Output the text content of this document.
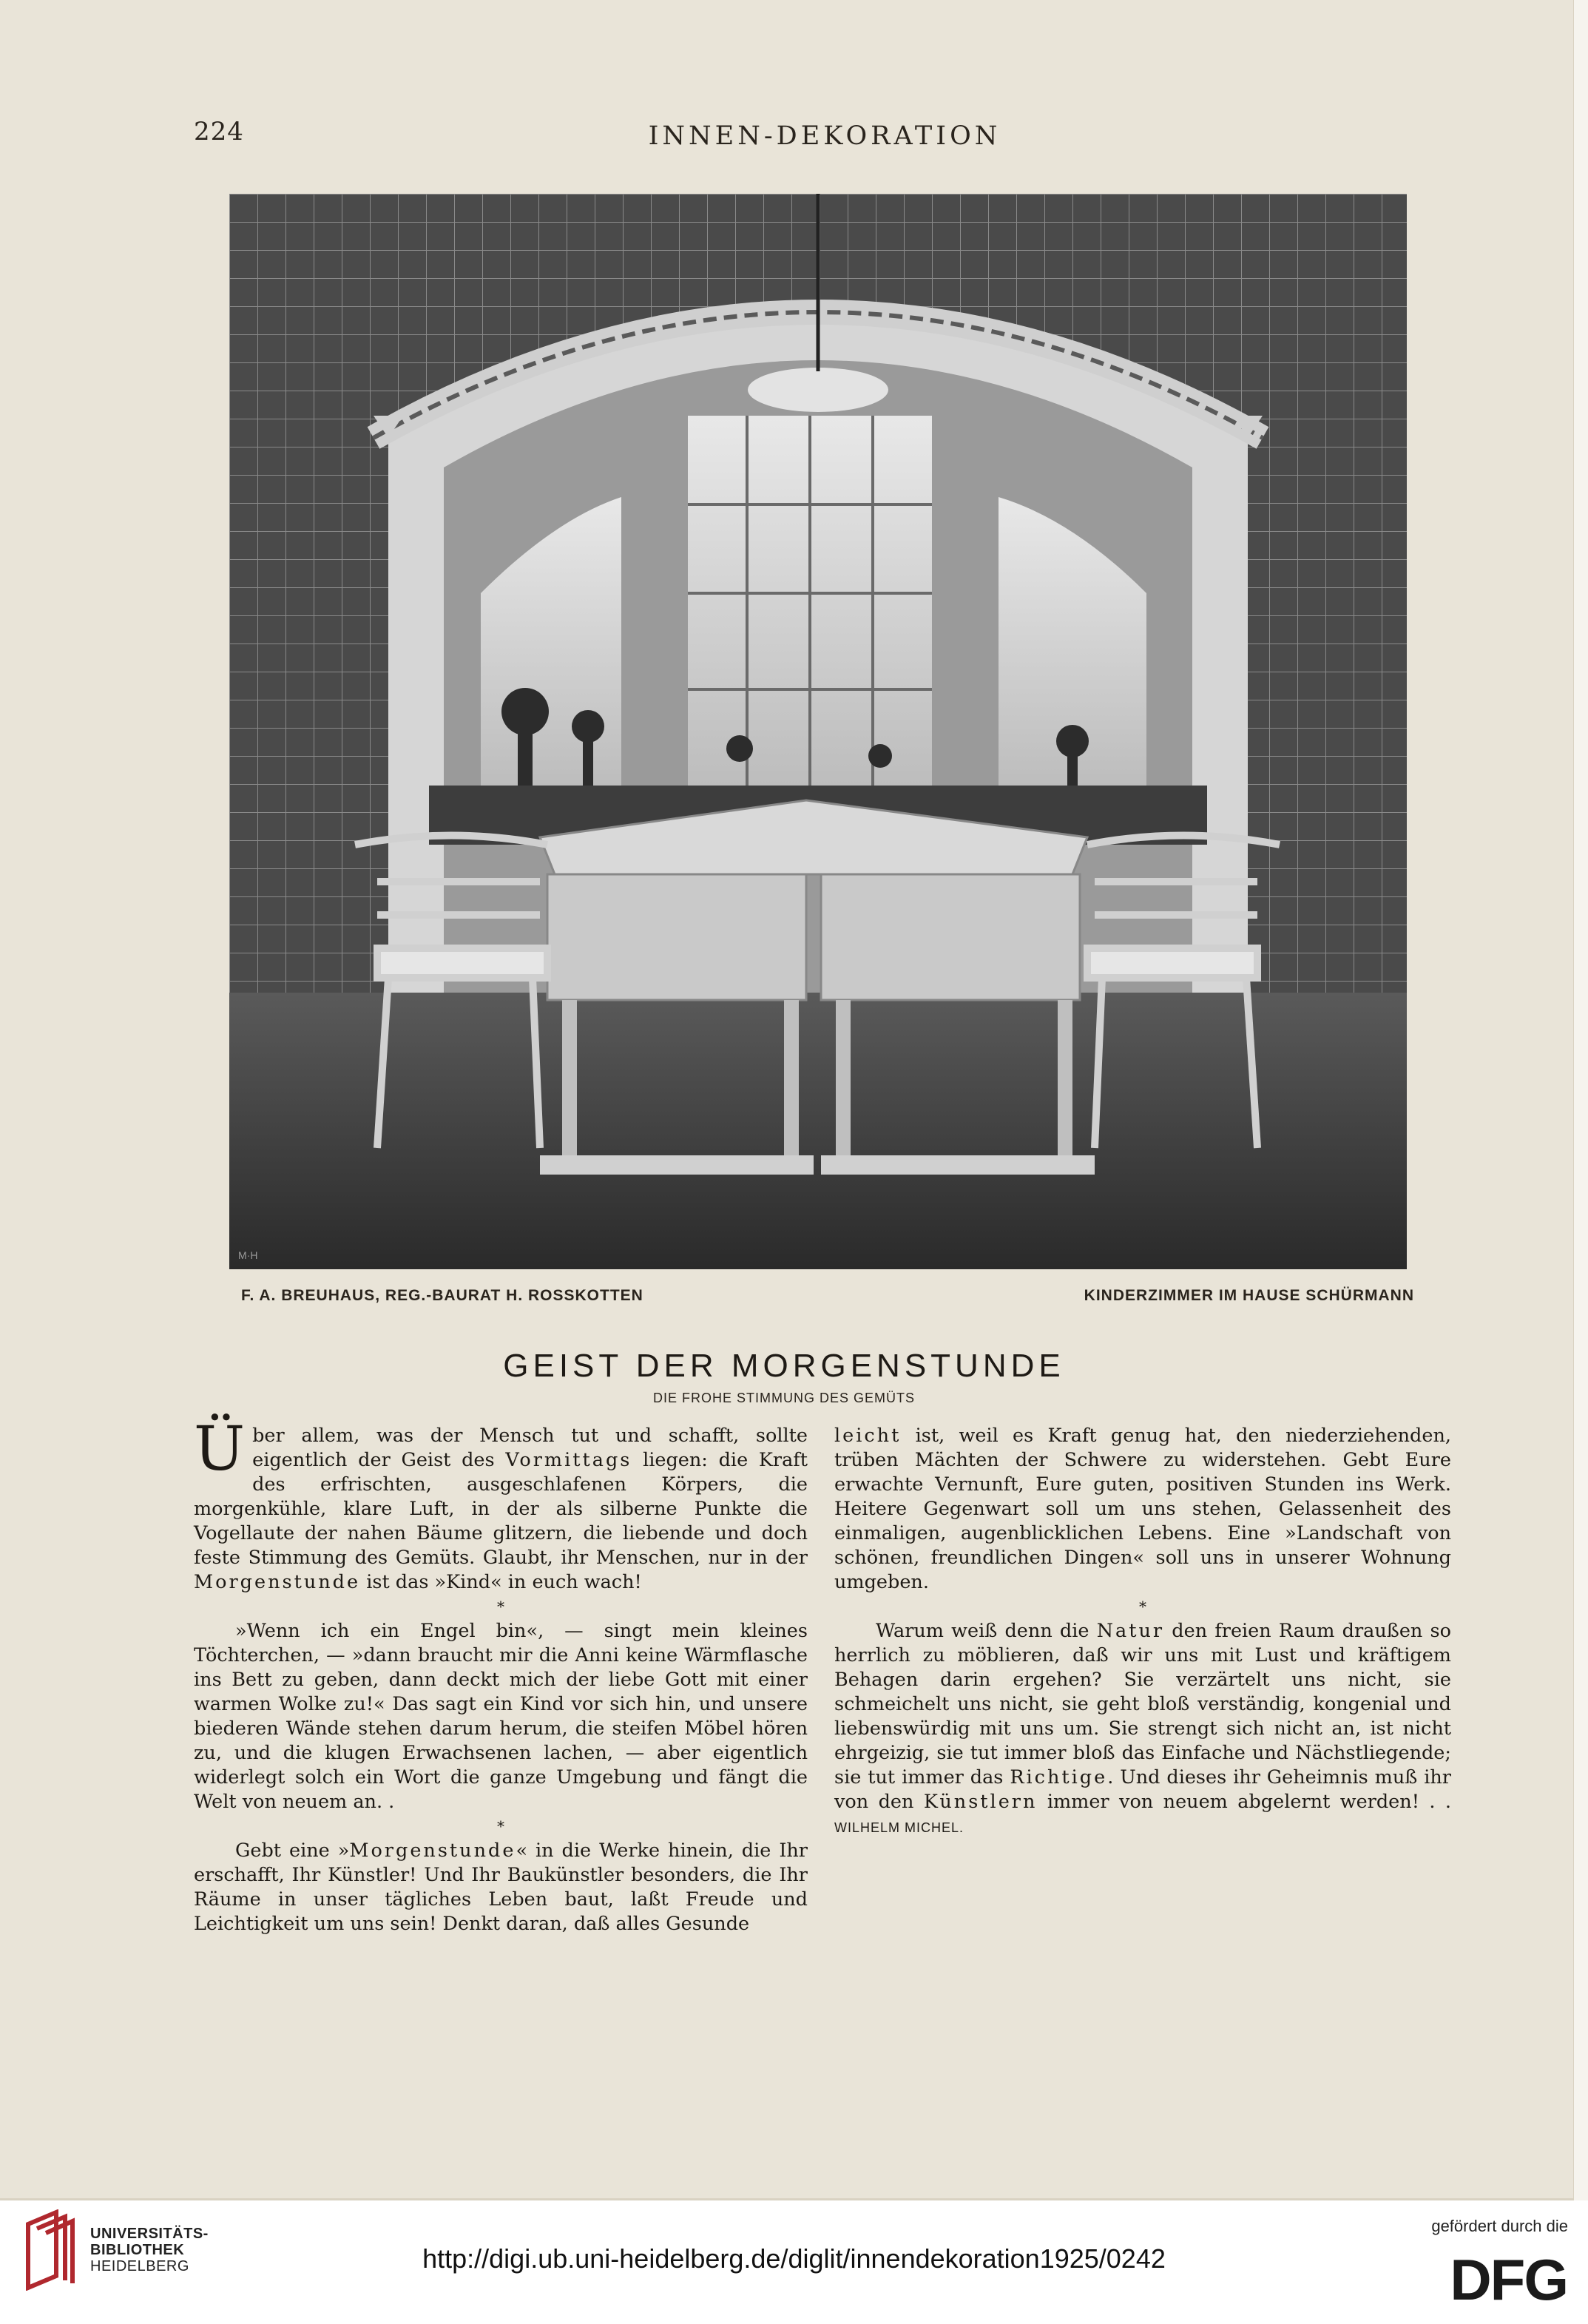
224	INNEN-DEKORATION
M·H
F. A. BREUHAUS, REG.-BAURAT H. ROSSKOTTEN	KINDERZIMMER IM HAUSE SCHÜRMANN
GEIST DER MORGENSTUNDE
DIE FROHE STIMMUNG DES GEMÜTS

Über allem, was der Mensch tut und schafft, sollte eigentlich der Geist des Vormittags liegen: die Kraft des erfrischten, ausgeschlafenen Körpers, die morgenkühle, klare Luft, in der als silberne Punkte die Vogellaute der nahen Bäume glitzern, die liebende und doch feste Stimmung des Gemüts. Glaubt, ihr Menschen, nur in der Morgenstunde ist das »Kind« in euch wach!

*

»Wenn ich ein Engel bin«, — singt mein kleines Töchterchen, — »dann braucht mir die Anni keine Wärmflasche ins Bett zu geben, dann deckt mich der liebe Gott mit einer warmen Wolke zu!« Das sagt ein Kind vor sich hin, und unsere biederen Wände stehen darum herum, die steifen Möbel hören zu, und die klugen Erwachsenen lachen, — aber eigentlich widerlegt solch ein Wort die ganze Umgebung und fängt die Welt von neuem an. .

*

Gebt eine »Morgenstunde« in die Werke hinein, die Ihr erschafft, Ihr Künstler! Und Ihr Baukünstler besonders, die Ihr Räume in unser tägliches Leben baut, laßt Freude und Leichtigkeit um uns sein! Denkt daran, daß alles Gesunde

leicht ist, weil es Kraft genug hat, den niederziehenden, trüben Mächten der Schwere zu widerstehen. Gebt Eure erwachte Vernunft, Eure guten, positiven Stunden ins Werk. Heitere Gegenwart soll um uns stehen, Gelassenheit des einmaligen, augenblicklichen Lebens. Eine »Landschaft von schönen, freundlichen Dingen« soll uns in unserer Wohnung umgeben.

*

Warum weiß denn die Natur den freien Raum draußen so herrlich zu möblieren, daß wir uns mit Lust und kräftigem Behagen darin ergehen? Sie verzärtelt uns nicht, sie schmeichelt uns nicht, sie geht bloß verständig, kongenial und liebenswürdig mit uns um. Sie strengt sich nicht an, ist nicht ehrgeizig, sie tut immer bloß das Einfache und Nächstliegende; sie tut immer das Richtige. Und dieses ihr Geheimnis muß ihr von den Künstlern immer von neuem abgelernt werden! . . WILHELM MICHEL.

UNIVERSITÄTS-
BIBLIOTHEK
HEIDELBERG	http://digi.ub.uni-heidelberg.de/diglit/innendekoration1925/0242
gefördert durch die
DFG
